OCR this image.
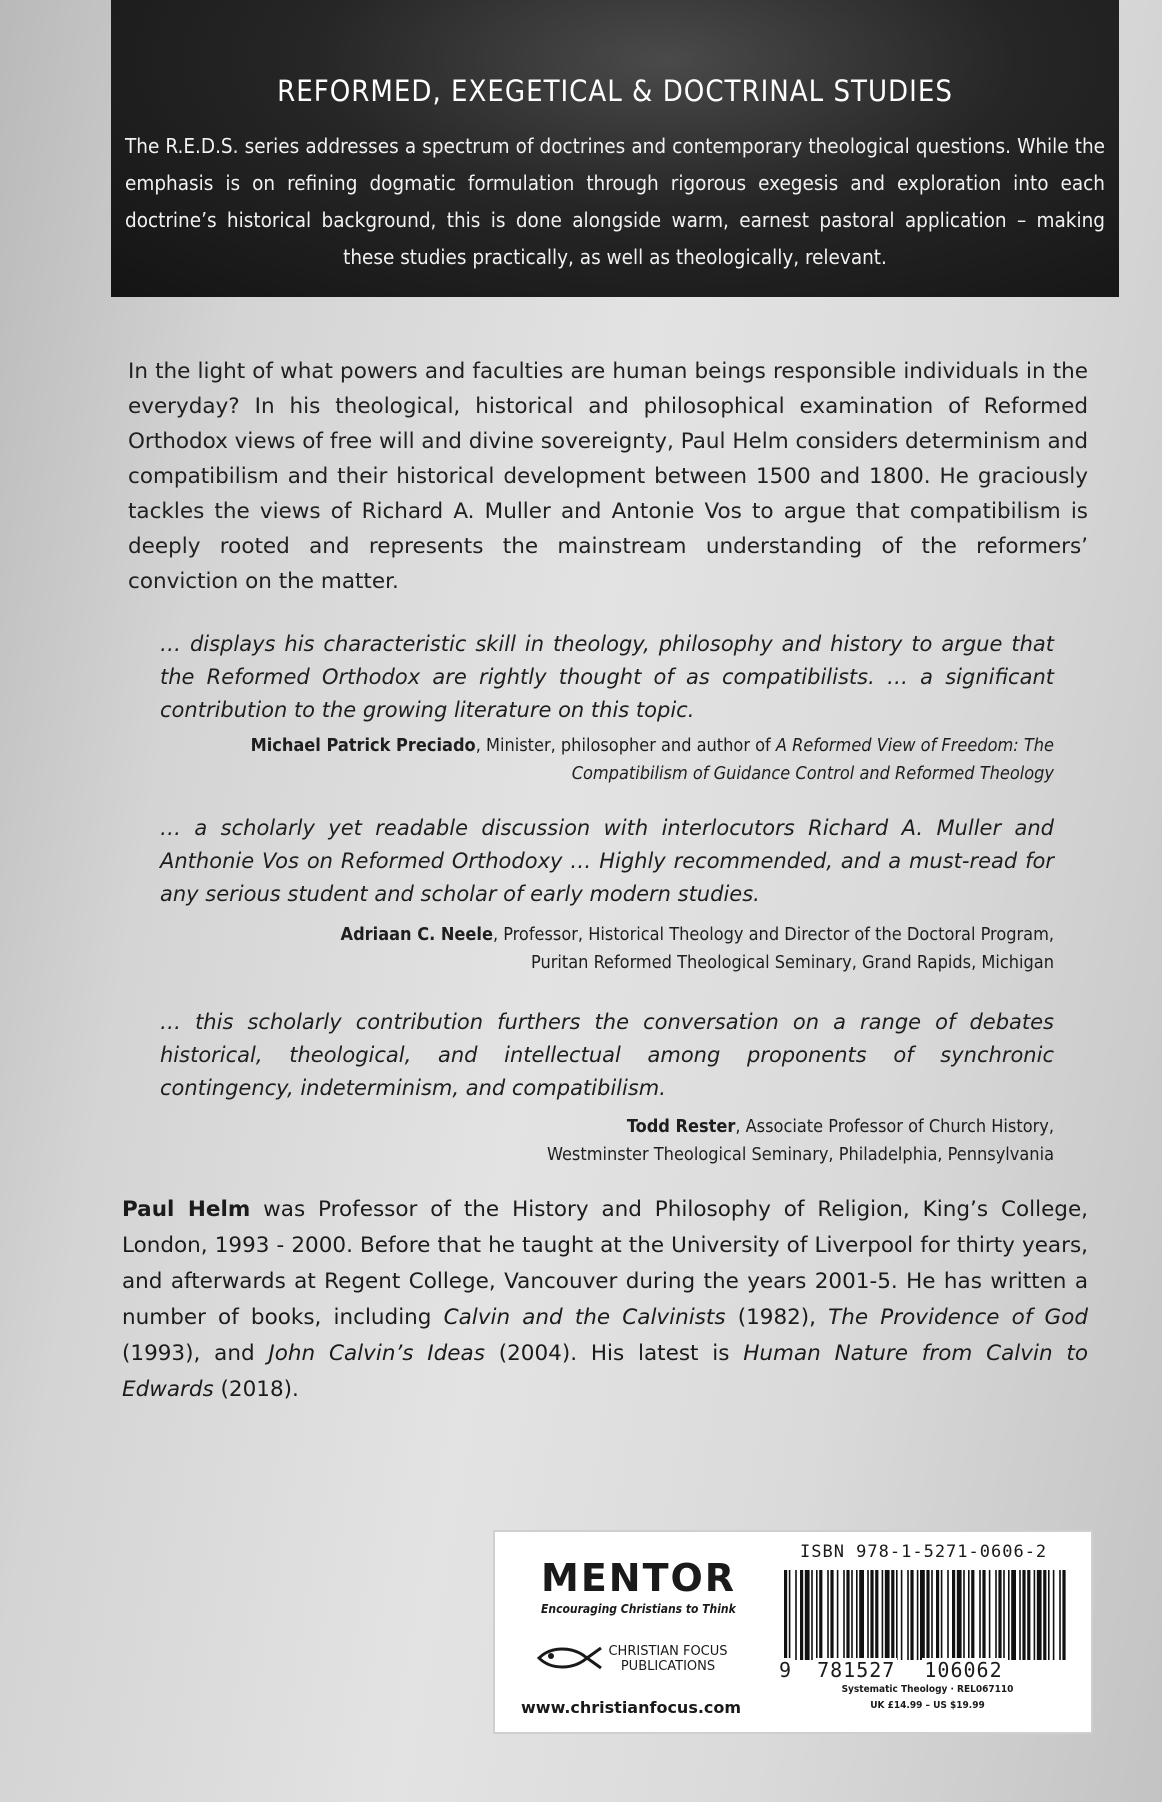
REFORMED, EXEGETICAL & DOCTRINAL STUDIES
The R.E.D.S. series addresses a spectrum of doctrines and contemporary theological questions. While the emphasis is on refining dogmatic formulation through rigorous exegesis and exploration into each doctrine’s historical background, this is done alongside warm, earnest pastoral application – making these studies practically, as well as theologically, relevant.

In the light of what powers and faculties are human beings responsible individuals in the everyday? In his theological, historical and philosophical examination of Reformed Orthodox views of free will and divine sovereignty, Paul Helm considers determinism and compatibilism and their historical development between 1500 and 1800. He graciously tackles the views of Richard A. Muller and Antonie Vos to argue that compatibilism is deeply rooted and represents the mainstream understanding of the reformers’ conviction on the matter.

… displays his characteristic skill in theology, philosophy and history to argue that the Reformed Orthodox are rightly thought of as compatibilists. … a significant contribution to the growing literature on this topic.

Michael Patrick Preciado, Minister, philosopher and author of A Reformed View of Freedom: The Compatibilism of Guidance Control and Reformed Theology

… a scholarly yet readable discussion with interlocutors Richard A. Muller and Anthonie Vos on Reformed Orthodoxy … Highly recommended, and a must-read for any serious student and scholar of early modern studies.

Adriaan C. Neele, Professor, Historical Theology and Director of the Doctoral Program,
Puritan Reformed Theological Seminary, Grand Rapids, Michigan

… this scholarly contribution furthers the conversation on a range of debates historical, theological, and intellectual among proponents of synchronic contingency, indeterminism, and compatibilism.

Todd Rester, Associate Professor of Church History,
Westminster Theological Seminary, Philadelphia, Pennsylvania

Paul Helm was Professor of the History and Philosophy of Religion, King’s College, London, 1993 - 2000. Before that he taught at the University of Liverpool for thirty years, and afterwards at Regent College, Vancouver during the years 2001-5. He has written a number of books, including Calvin and the Calvinists (1982), The Providence of God (1993), and John Calvin’s Ideas (2004). His latest is Human Nature from Calvin to Edwards (2018).

MENTOR
Encouraging Christians to Think
CHRISTIAN FOCUS
PUBLICATIONS
www.christianfocus.com
ISBN 978-1-5271-0606-2
9 781527 106062
Systematic Theology · REL067110
UK £14.99 – US $19.99
